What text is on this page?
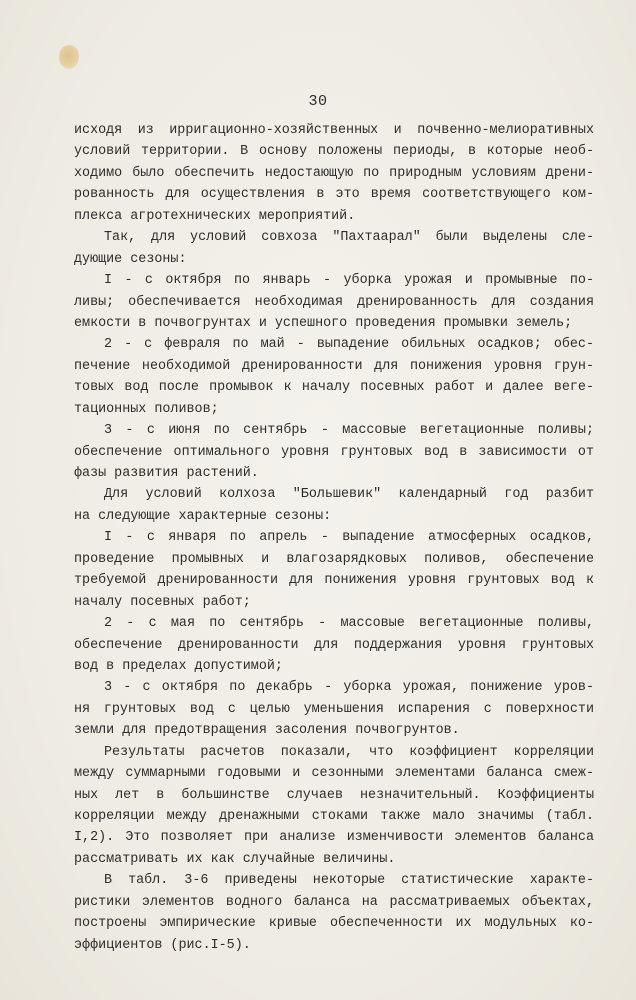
30
исходя из ирригационно-хозяйственных и почвенно-мелиоративных
условий территории. В основу положены периоды, в которые необ-
ходимо было обеспечить недостающую по природным условиям дрени-
рованность для осуществления в это время соответствующего ком-
плекса агротехнических мероприятий.
Так, для условий совхоза "Пахтаарал" были выделены сле-
дующие сезоны:
I - с октября по январь - уборка урожая и промывные по-
ливы; обеспечивается необходимая дренированность для создания
емкости в почвогрунтах и успешного проведения промывки земель;
2 - с февраля по май - выпадение обильных осадков; обес-
печение необходимой дренированности для понижения уровня грун-
товых вод после промывок к началу посевных работ и далее веге-
тационных поливов;
3 - с июня по сентябрь - массовые вегетационные поливы;
обеспечение оптимального уровня грунтовых вод в зависимости от
фазы развития растений.
Для условий колхоза "Большевик" календарный год разбит
на следующие характерные сезоны:
I - с января по апрель - выпадение атмосферных осадков,
проведение промывных и влагозарядковых поливов, обеспечение
требуемой дренированности для понижения уровня грунтовых вод к
началу посевных работ;
2 - с мая по сентябрь - массовые вегетационные поливы,
обеспечение дренированности для поддержания уровня грунтовых
вод в пределах допустимой;
3 - с октября по декабрь - уборка урожая, понижение уров-
ня грунтовых вод с целью уменьшения испарения с поверхности
земли для предотвращения засоления почвогрунтов.
Результаты расчетов показали, что коэффициент корреляции
между суммарными годовыми и сезонными элементами баланса смеж-
ных лет в большинстве случаев незначительный. Коэффициенты
корреляции между дренажными стоками также мало значимы (табл.
I,2). Это позволяет при анализе изменчивости элементов баланса
рассматривать их как случайные величины.
В табл. 3-6 приведены некоторые статистические характе-
ристики элементов водного баланса на рассматриваемых объектах,
построены эмпирические кривые обеспеченности их модульных ко-
эффициентов (рис.I-5).
